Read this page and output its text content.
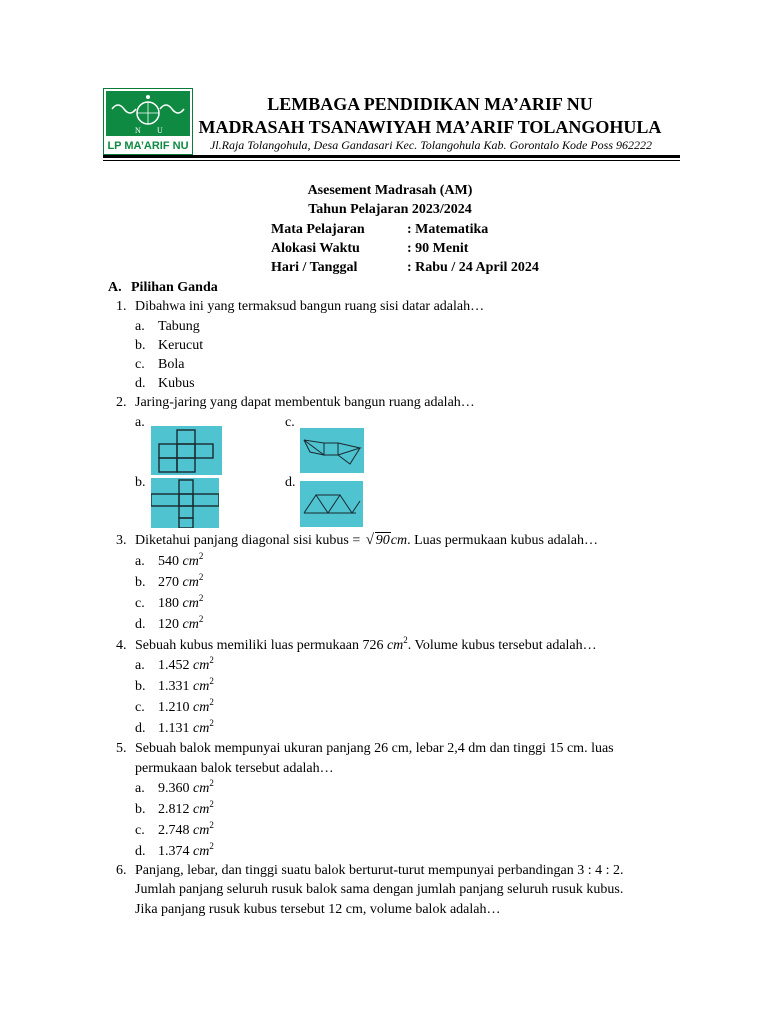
N U
LP MA’ARIF NU
LEMBAGA PENDIDIKAN MA’ARIF NU
MADRASAH TSANAWIYAH MA’ARIF TOLANGOHULA
Jl.Raja Tolangohula, Desa Gandasari Kec. Tolangohula Kab. Gorontalo Kode Poss 962222
Asesement Madrasah (AM)
Tahun Pelajaran 2023/2024
Mata Pelajaran	: Matematika
Alokasi Waktu	: 90 Menit
Hari / Tanggal	: Rabu / 24 April 2024
A. Pilihan Ganda
1. Dibahwa ini yang termaksud bangun ruang sisi datar adalah…
a. Tabung
b. Kerucut
c. Bola
d. Kubus
2. Jaring-jaring yang dapat membentuk bangun ruang adalah…
a.	c.
b.	d.
3. Diketahui panjang diagonal sisi kubus = √ 90cm. Luas permukaan kubus adalah…
a. 540 $cm^2$
b. 270 $cm^2$
c. 180 $cm^2$
d. 120 $cm^2$
4. Sebuah kubus memiliki luas permukaan 726 $cm^2$. Volume kubus tersebut adalah…
a. 1.452 $cm^2$
b. 1.331 $cm^2$
c. 1.210 $cm^2$
d. 1.131 $cm^2$
5. Sebuah balok mempunyai ukuran panjang 26 cm, lebar 2,4 dm dan tinggi 15 cm. luas
permukaan balok tersebut adalah…
a. 9.360 $cm^2$
b. 2.812 $cm^2$
c. 2.748 $cm^2$
d. 1.374 $cm^2$
6. Panjang, lebar, dan tinggi suatu balok berturut-turut mempunyai perbandingan 3 : 4 : 2.
Jumlah panjang seluruh rusuk balok sama dengan jumlah panjang seluruh rusuk kubus.
Jika panjang rusuk kubus tersebut 12 cm, volume balok adalah…
